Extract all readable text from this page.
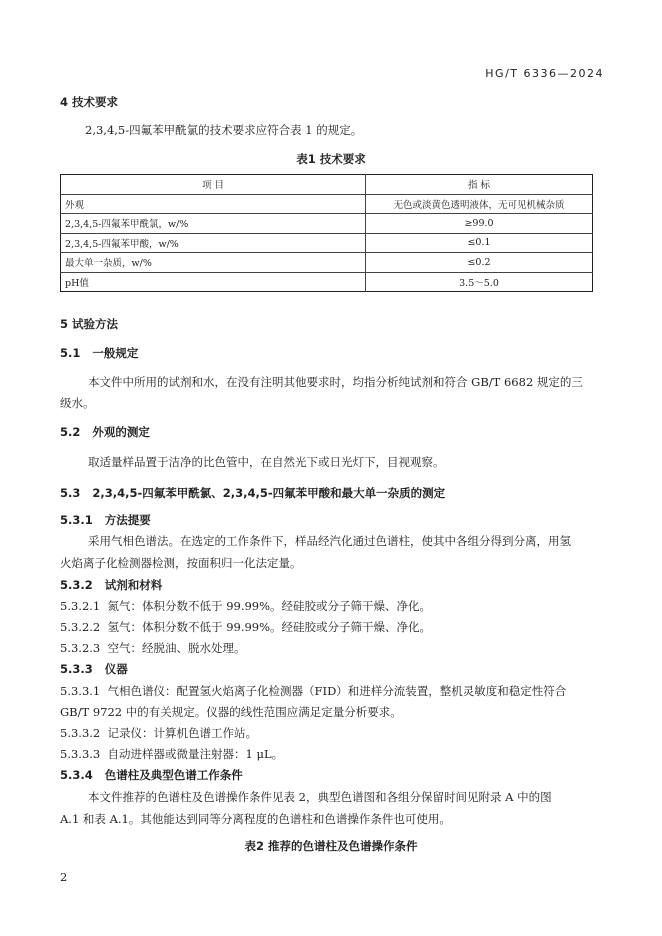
HG/T 6336—2024
4 技术要求
2,3,4,5-四氟苯甲酰氯的技术要求应符合表 1 的规定。
表1 技术要求
项 目	指 标
外观	无色或淡黄色透明液体，无可见机械杂质
2,3,4,5-四氟苯甲酰氯，w/%	≥99.0
2,3,4,5-四氟苯甲酸，w/%	≤0.1
最大单一杂质，w/%	≤0.2
pH值	3.5～5.0
5 试验方法
5.1 一般规定
本文件中所用的试剂和水，在没有注明其他要求时，均指分析纯试剂和符合 GB/T 6682 规定的三
级水。
5.2 外观的测定
取适量样品置于洁净的比色管中，在自然光下或日光灯下，目视观察。
5.3 2,3,4,5-四氟苯甲酰氯、2,3,4,5-四氟苯甲酸和最大单一杂质的测定
5.3.1 方法提要
采用气相色谱法。在选定的工作条件下，样品经汽化通过色谱柱，使其中各组分得到分离，用氢
火焰离子化检测器检测，按面积归一化法定量。
5.3.2 试剂和材料
5.3.2.1 氮气：体积分数不低于 99.99%。经硅胶或分子筛干燥、净化。
5.3.2.2 氢气：体积分数不低于 99.99%。经硅胶或分子筛干燥、净化。
5.3.2.3 空气：经脱油、脱水处理。
5.3.3 仪器
5.3.3.1 气相色谱仪：配置氢火焰离子化检测器（FID）和进样分流装置，整机灵敏度和稳定性符合
GB/T 9722 中的有关规定。仪器的线性范围应满足定量分析要求。
5.3.3.2 记录仪：计算机色谱工作站。
5.3.3.3 自动进样器或微量注射器：1 μL。
5.3.4 色谱柱及典型色谱工作条件
本文件推荐的色谱柱及色谱操作条件见表 2，典型色谱图和各组分保留时间见附录 A 中的图
A.1 和表 A.1。其他能达到同等分离程度的色谱柱和色谱操作条件也可使用。
表2 推荐的色谱柱及色谱操作条件
2
